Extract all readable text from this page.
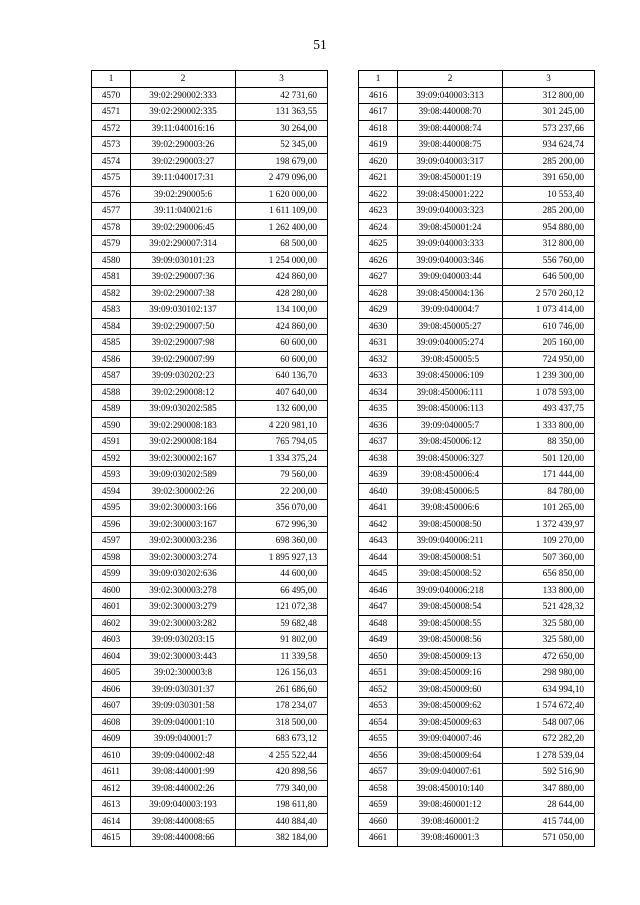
51
1	2	3
4570	39:02:290002:333	42 731,60
4571	39:02:290002:335	131 363,55
4572	39:11:040016:16	30 264,00
4573	39:02:290003:26	52 345,00
4574	39:02:290003:27	198 679,00
4575	39:11:040017:31	2 479 096,00
4576	39:02:290005:6	1 620 000,00
4577	39:11:040021:6	1 611 109,00
4578	39:02:290006:45	1 262 400,00
4579	39:02:290007:314	68 500,00
4580	39:09:030101:23	1 254 000,00
4581	39:02:290007:36	424 860,00
4582	39:02:290007:38	428 280,00
4583	39:09:030102:137	134 100,00
4584	39:02:290007:50	424 860,00
4585	39:02:290007:98	60 600,00
4586	39:02:290007:99	60 600,00
4587	39:09:030202:23	640 136,70
4588	39:02:290008:12	407 640,00
4589	39:09:030202:585	132 600,00
4590	39:02:290008:183	4 220 981,10
4591	39:02:290008:184	765 794,05
4592	39:02:300002:167	1 334 375,24
4593	39:09:030202:589	79 560,00
4594	39:02:300002:26	22 200,00
4595	39:02:300003:166	356 070,00
4596	39:02:300003:167	672 996,30
4597	39:02:300003:236	698 360,00
4598	39:02:300003:274	1 895 927,13
4599	39:09:030202:636	44 600,00
4600	39:02:300003:278	66 495,00
4601	39:02:300003:279	121 072,38
4602	39:02:300003:282	59 682,48
4603	39:09:030203:15	91 802,00
4604	39:02:300003:443	11 339,58
4605	39:02:300003:8	126 156,03
4606	39:09:030301:37	261 686,60
4607	39:09:030301:58	178 234,07
4608	39:09:040001:10	318 500,00
4609	39:09:040001:7	683 673,12
4610	39:09:040002:48	4 255 522,44
4611	39:08:440001:99	420 898,56
4612	39:08:440002:26	779 340,00
4613	39:09:040003:193	198 611,80
4614	39:08:440008:65	440 884,40
4615	39:08:440008:66	382 184,00
1	2	3
4616	39:09:040003:313	312 800,00
4617	39:08:440008:70	301 245,00
4618	39:08:440008:74	573 237,66
4619	39:08:440008:75	934 624,74
4620	39:09:040003:317	285 200,00
4621	39:08:450001:19	391 650,00
4622	39:08:450001:222	10 553,40
4623	39:09:040003:323	285 200,00
4624	39:08:450001:24	954 880,00
4625	39:09:040003:333	312 800,00
4626	39:09:040003:346	556 760,00
4627	39:09:040003:44	646 500,00
4628	39:08:450004:136	2 570 260,12
4629	39:09:040004:7	1 073 414,00
4630	39:08:450005:27	610 746,00
4631	39:09:040005:274	205 160,00
4632	39:08:450005:5	724 950,00
4633	39:08:450006:109	1 239 300,00
4634	39:08:450006:111	1 078 593,00
4635	39:08:450006:113	493 437,75
4636	39:09:040005:7	1 333 800,00
4637	39:08:450006:12	88 350,00
4638	39:08:450006:327	501 120,00
4639	39:08:450006:4	171 444,00
4640	39:08:450006:5	84 780,00
4641	39:08:450006:6	101 265,00
4642	39:08:450008:50	1 372 439,97
4643	39:09:040006:211	109 270,00
4644	39:08:450008:51	507 360,00
4645	39:08:450008:52	656 850,00
4646	39:09:040006:218	133 800,00
4647	39:08:450008:54	521 428,32
4648	39:08:450008:55	325 580,00
4649	39:08:450008:56	325 580,00
4650	39:08:450009:13	472 650,00
4651	39:08:450009:16	298 980,00
4652	39:08:450009:60	634 994,10
4653	39:08:450009:62	1 574 672,40
4654	39:08:450009:63	548 007,06
4655	39:09:040007:46	672 282,20
4656	39:08:450009:64	1 278 539,04
4657	39:09:040007:61	592 516,90
4658	39:08:450010:140	347 880,00
4659	39:08:460001:12	28 644,00
4660	39:08:460001:2	415 744,00
4661	39:08:460001:3	571 050,00
